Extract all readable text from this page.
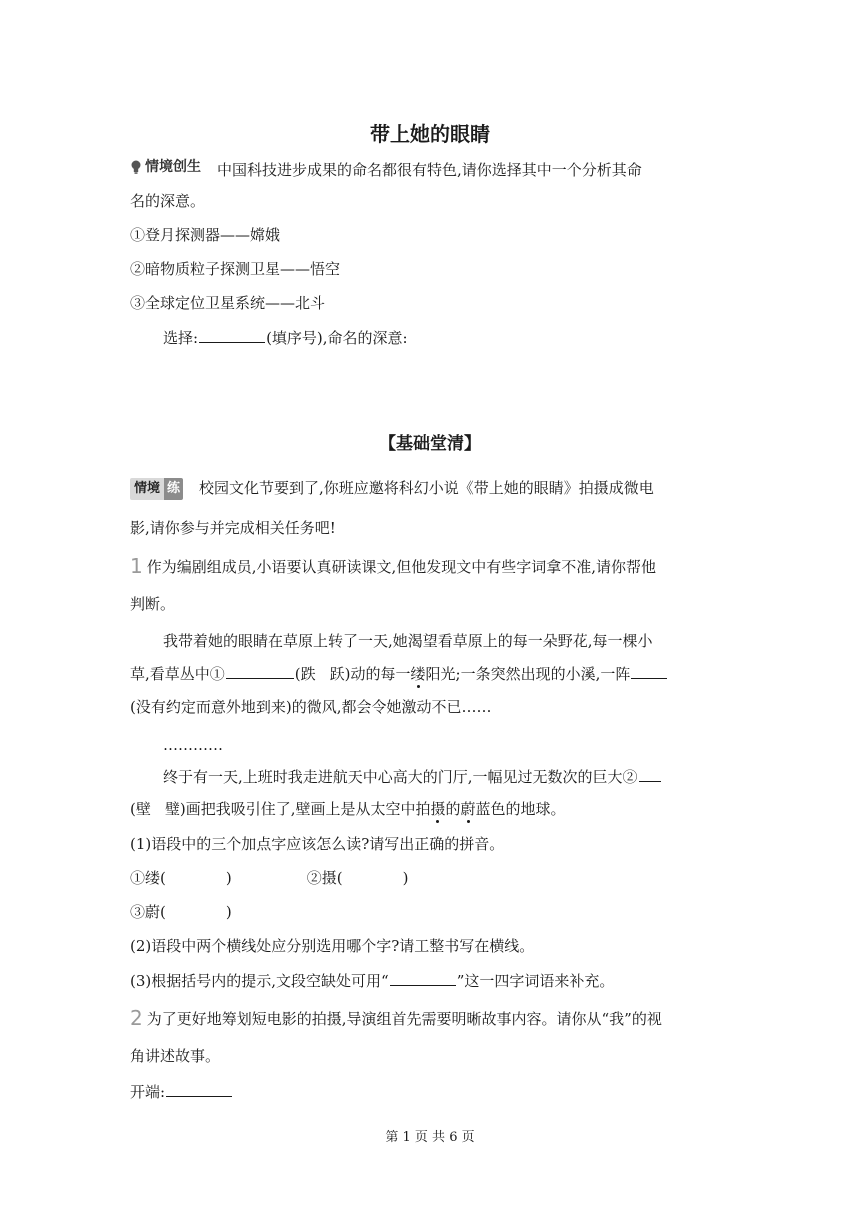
带上她的眼睛
情境创生 中国科技进步成果的命名都很有特色,请你选择其中一个分析其命
名的深意。
①登月探测器——嫦娥
②暗物质粒子探测卫星——悟空
③全球定位卫星系统——北斗
选择:	(填序号),命名的深意:
【基础堂清】
情境 练 校园文化节要到了,你班应邀将科幻小说《带上她的眼睛》拍摄成微电
影,请你参与并完成相关任务吧!
1 作为编剧组成员,小语要认真研读课文,但他发现文中有些字词拿不准,请你帮他
判断。
我带着她的眼睛在草原上转了一天,她渴望看草原上的每一朵野花,每一棵小
草,看草丛中①	(跌 跃)动的每一缕阳光;一条突然出现的小溪,一阵
(没有约定而意外地到来)的微风,都会令她激动不已……
…………
终于有一天,上班时我走进航天中心高大的门厅,一幅见过无数次的巨大②
(壁 璧)画把我吸引住了,壁画上是从太空中拍摄的蔚蓝色的地球。
(1)语段中的三个加点字应该怎么读?请写出正确的拼音。
①缕(	)	②摄(	)
③蔚(	)
(2)语段中两个横线处应分别选用哪个字?请工整书写在横线。
(3)根据括号内的提示,文段空缺处可用“	”这一四字词语来补充。
2 为了更好地筹划短电影的拍摄,导演组首先需要明晰故事内容。请你从“我”的视
角讲述故事。
开端:
第 1 页 共 6 页
